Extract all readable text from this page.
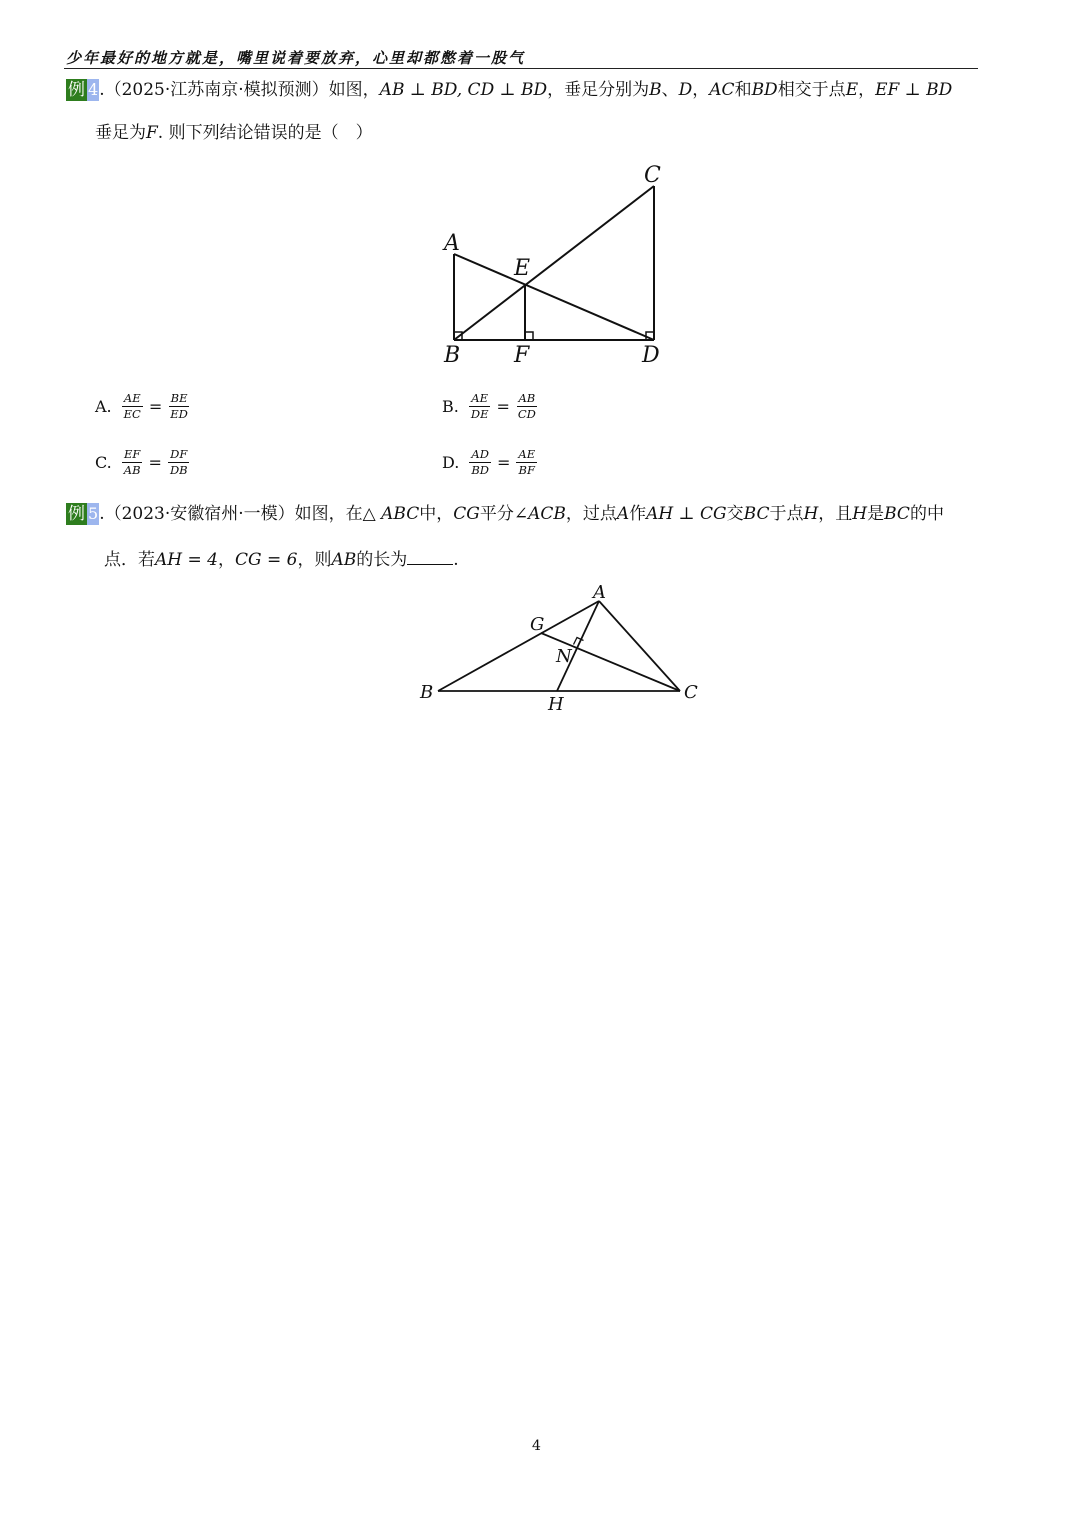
少年最好的地方就是，嘴里说着要放弃，心里却都憋着一股气
例 4.（2025·江苏南京·模拟预测）如图，AB ⊥ BD, CD ⊥ BD，垂足分别为B、D，AC和BD相交于点E，EF ⊥ BD
垂足为F. 则下列结论错误的是（　）
A
B
C
D
E
F
A. $\frac{AE}{EC} = \frac{BE}{ED}$	B. $\frac{AE}{DE} = \frac{AB}{CD}$
C. $\frac{EF}{AB} = \frac{DF}{DB}$	D. $\frac{AD}{BD} = \frac{AE}{BF}$
例 5.（2023·安徽宿州·一模）如图，在△ ABC中，CG平分∠ACB，过点A作AH ⊥ CG交BC于点H，且H是BC的中
点．若AH = 4，CG = 6，则AB的长为	.
A
B	C
G
H
N
4
